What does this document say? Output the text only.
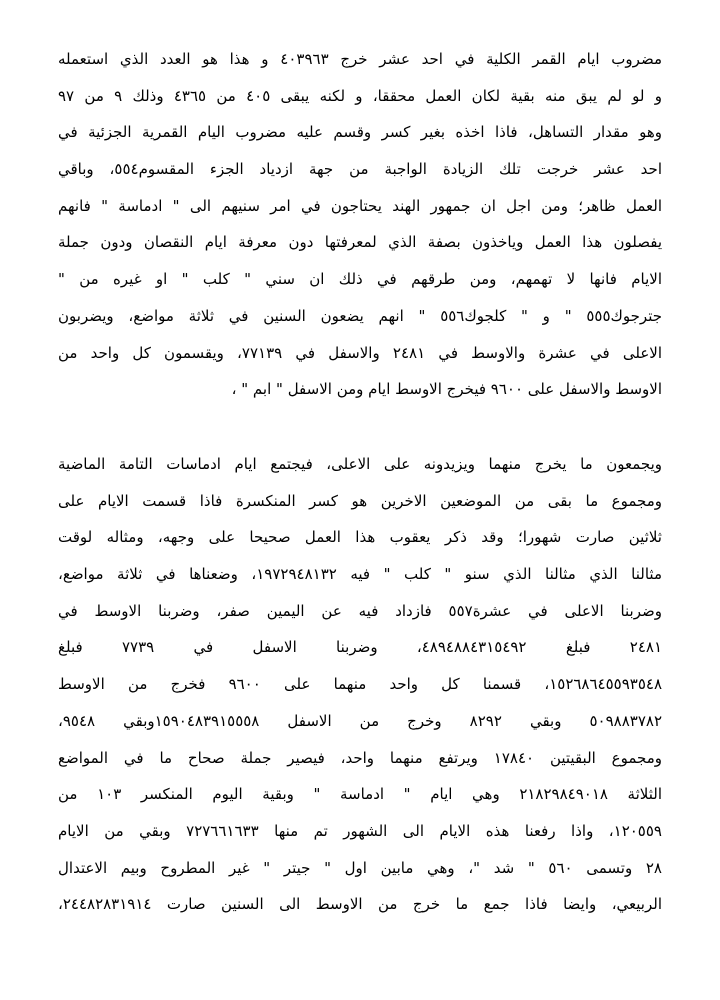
مضروب ايام القمر الكلية في احد عشر خرج ٤٠٣٩٦٣ و هذا هو العدد الذي استعمله
و لو لم يبق منه بقية لكان العمل محققا، و لكنه يبقى ٤٠٥ من ٤٣٦٥ وذلك ٩ من ٩٧
وهو مقدار التساهل، فاذا اخذه بغير كسر وقسم عليه مضروب اليام القمرية الجزئية في
احد عشر خرجت تلك الزيادة الواجبة من جهة ازدياد الجزء المقسوم٥٥٤، وباقي
العمل ظاهر؛ ومن اجل ان جمهور الهند يحتاجون في امر سنيهم الى " ادماسة " فانهم
يفصلون هذا العمل وياخذون بصفة الذي لمعرفتها دون معرفة ايام النقصان ودون جملة
الايام فانها لا تهمهم، ومن طرقهم في ذلك ان سني " كلب " او غيره من "
جترجوك٥٥٥ " و " كلجوك٥٥٦ " انهم يضعون السنين في ثلاثة مواضع، ويضربون
الاعلى في عشرة والاوسط في ٢٤٨١ والاسفل في ٧٧١٣٩، ويقسمون كل واحد من
الاوسط والاسفل على ٩٦٠٠ فيخرج الاوسط ايام ومن الاسفل " ابم " ،
ويجمعون ما يخرج منهما ويزيدونه على الاعلى، فيجتمع ايام ادماسات التامة الماضية
ومجموع ما بقى من الموضعين الاخرين هو كسر المنكسرة فاذا قسمت الايام على
ثلاثين صارت شهورا؛ وقد ذكر يعقوب هذا العمل صحيحا على وجهه، ومثاله لوقت
مثالنا الذي مثالنا الذي سنو " كلب " فيه ١٩٧٢٩٤٨١٣٢، وضعناها في ثلاثة مواضع،
وضربنا الاعلى في عشرة٥٥٧ فازداد فيه عن اليمين صفر، وضربنا الاوسط في
٢٤٨١ فبلغ ٤٨٩٤٨٨٤٣١٥٤٩٢، وضربنا الاسفل في ٧٧٣٩ فبلغ
١٥٢٦٨٦٤٥٥٩٣٥٤٨، قسمنا كل واحد منهما على ٩٦٠٠ فخرج من الاوسط
٥٠٩٨٨٣٧٨٢ وبقي ٨٢٩٢ وخرج من الاسفل ١٥٩٠٤٨٣٩١٥٥٥٨وبقي ٩٥٤٨،
ومجموع البقيتين ١٧٨٤٠ ويرتفع منهما واحد، فيصير جملة صحاح ما في المواضع
الثلاثة ٢١٨٢٩٨٤٩٠١٨ وهي ايام " ادماسة " وبقية اليوم المنكسر ١٠٣ من
١٢٠٥٥٩، واذا رفعنا هذه الايام الى الشهور تم منها ٧٢٧٦٦١٦٣٣ وبقي من الايام
٢٨ وتسمى ٥٦٠ " شد "، وهي مابين اول " جيتر " غير المطروح وبيم الاعتدال
الربيعي، وايضا فاذا جمع ما خرج من الاوسط الى السنين صارت ٢٤٤٨٢٨٣١٩١٤،
